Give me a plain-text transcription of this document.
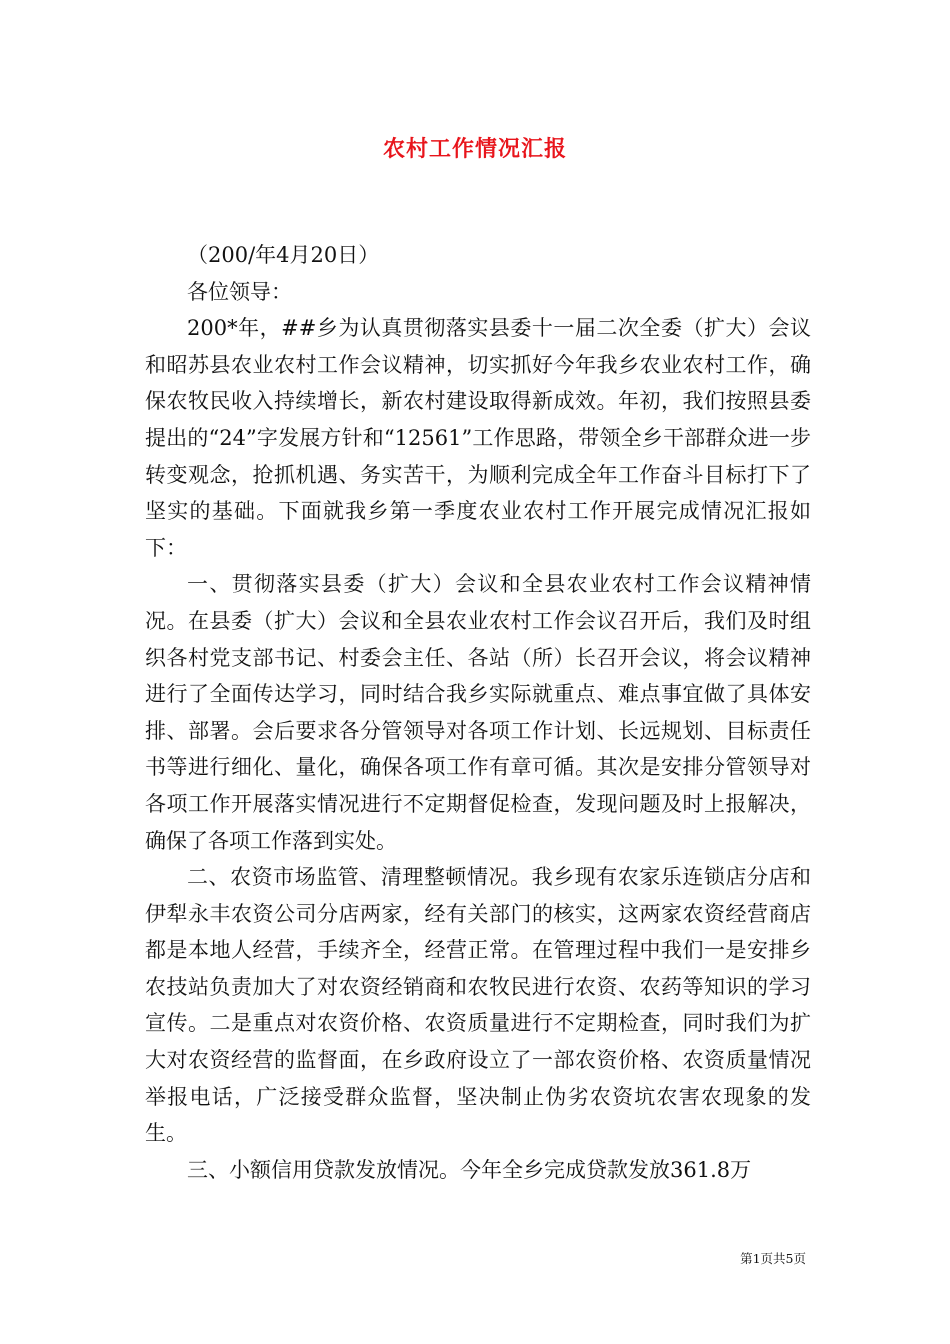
农村工作情况汇报

（200/年4月20日）

各位领导：

200*年，##乡为认真贯彻落实县委十一届二次全委（扩大）会议和昭苏县农业农村工作会议精神，切实抓好今年我乡农业农村工作，确保农牧民收入持续增长，新农村建设取得新成效。年初，我们按照县委提出的“24”字发展方针和“12561”工作思路，带领全乡干部群众进一步转变观念，抢抓机遇、务实苦干，为顺利完成全年工作奋斗目标打下了坚实的基础。下面就我乡第一季度农业农村工作开展完成情况汇报如下：

一、贯彻落实县委（扩大）会议和全县农业农村工作会议精神情况。在县委（扩大）会议和全县农业农村工作会议召开后，我们及时组织各村党支部书记、村委会主任、各站（所）长召开会议，将会议精神进行了全面传达学习，同时结合我乡实际就重点、难点事宜做了具体安排、部署。会后要求各分管领导对各项工作计划、长远规划、目标责任书等进行细化、量化，确保各项工作有章可循。其次是安排分管领导对各项工作开展落实情况进行不定期督促检查，发现问题及时上报解决，确保了各项工作落到实处。

二、农资市场监管、清理整顿情况。我乡现有农家乐连锁店分店和伊犁永丰农资公司分店两家，经有关部门的核实，这两家农资经营商店都是本地人经营，手续齐全，经营正常。在管理过程中我们一是安排乡农技站负责加大了对农资经销商和农牧民进行农资、农药等知识的学习宣传。二是重点对农资价格、农资质量进行不定期检查，同时我们为扩大对农资经营的监督面，在乡政府设立了一部农资价格、农资质量情况举报电话，广泛接受群众监督，坚决制止伪劣农资坑农害农现象的发生。

三、小额信用贷款发放情况。今年全乡完成贷款发放361.8万

第1页共5页
